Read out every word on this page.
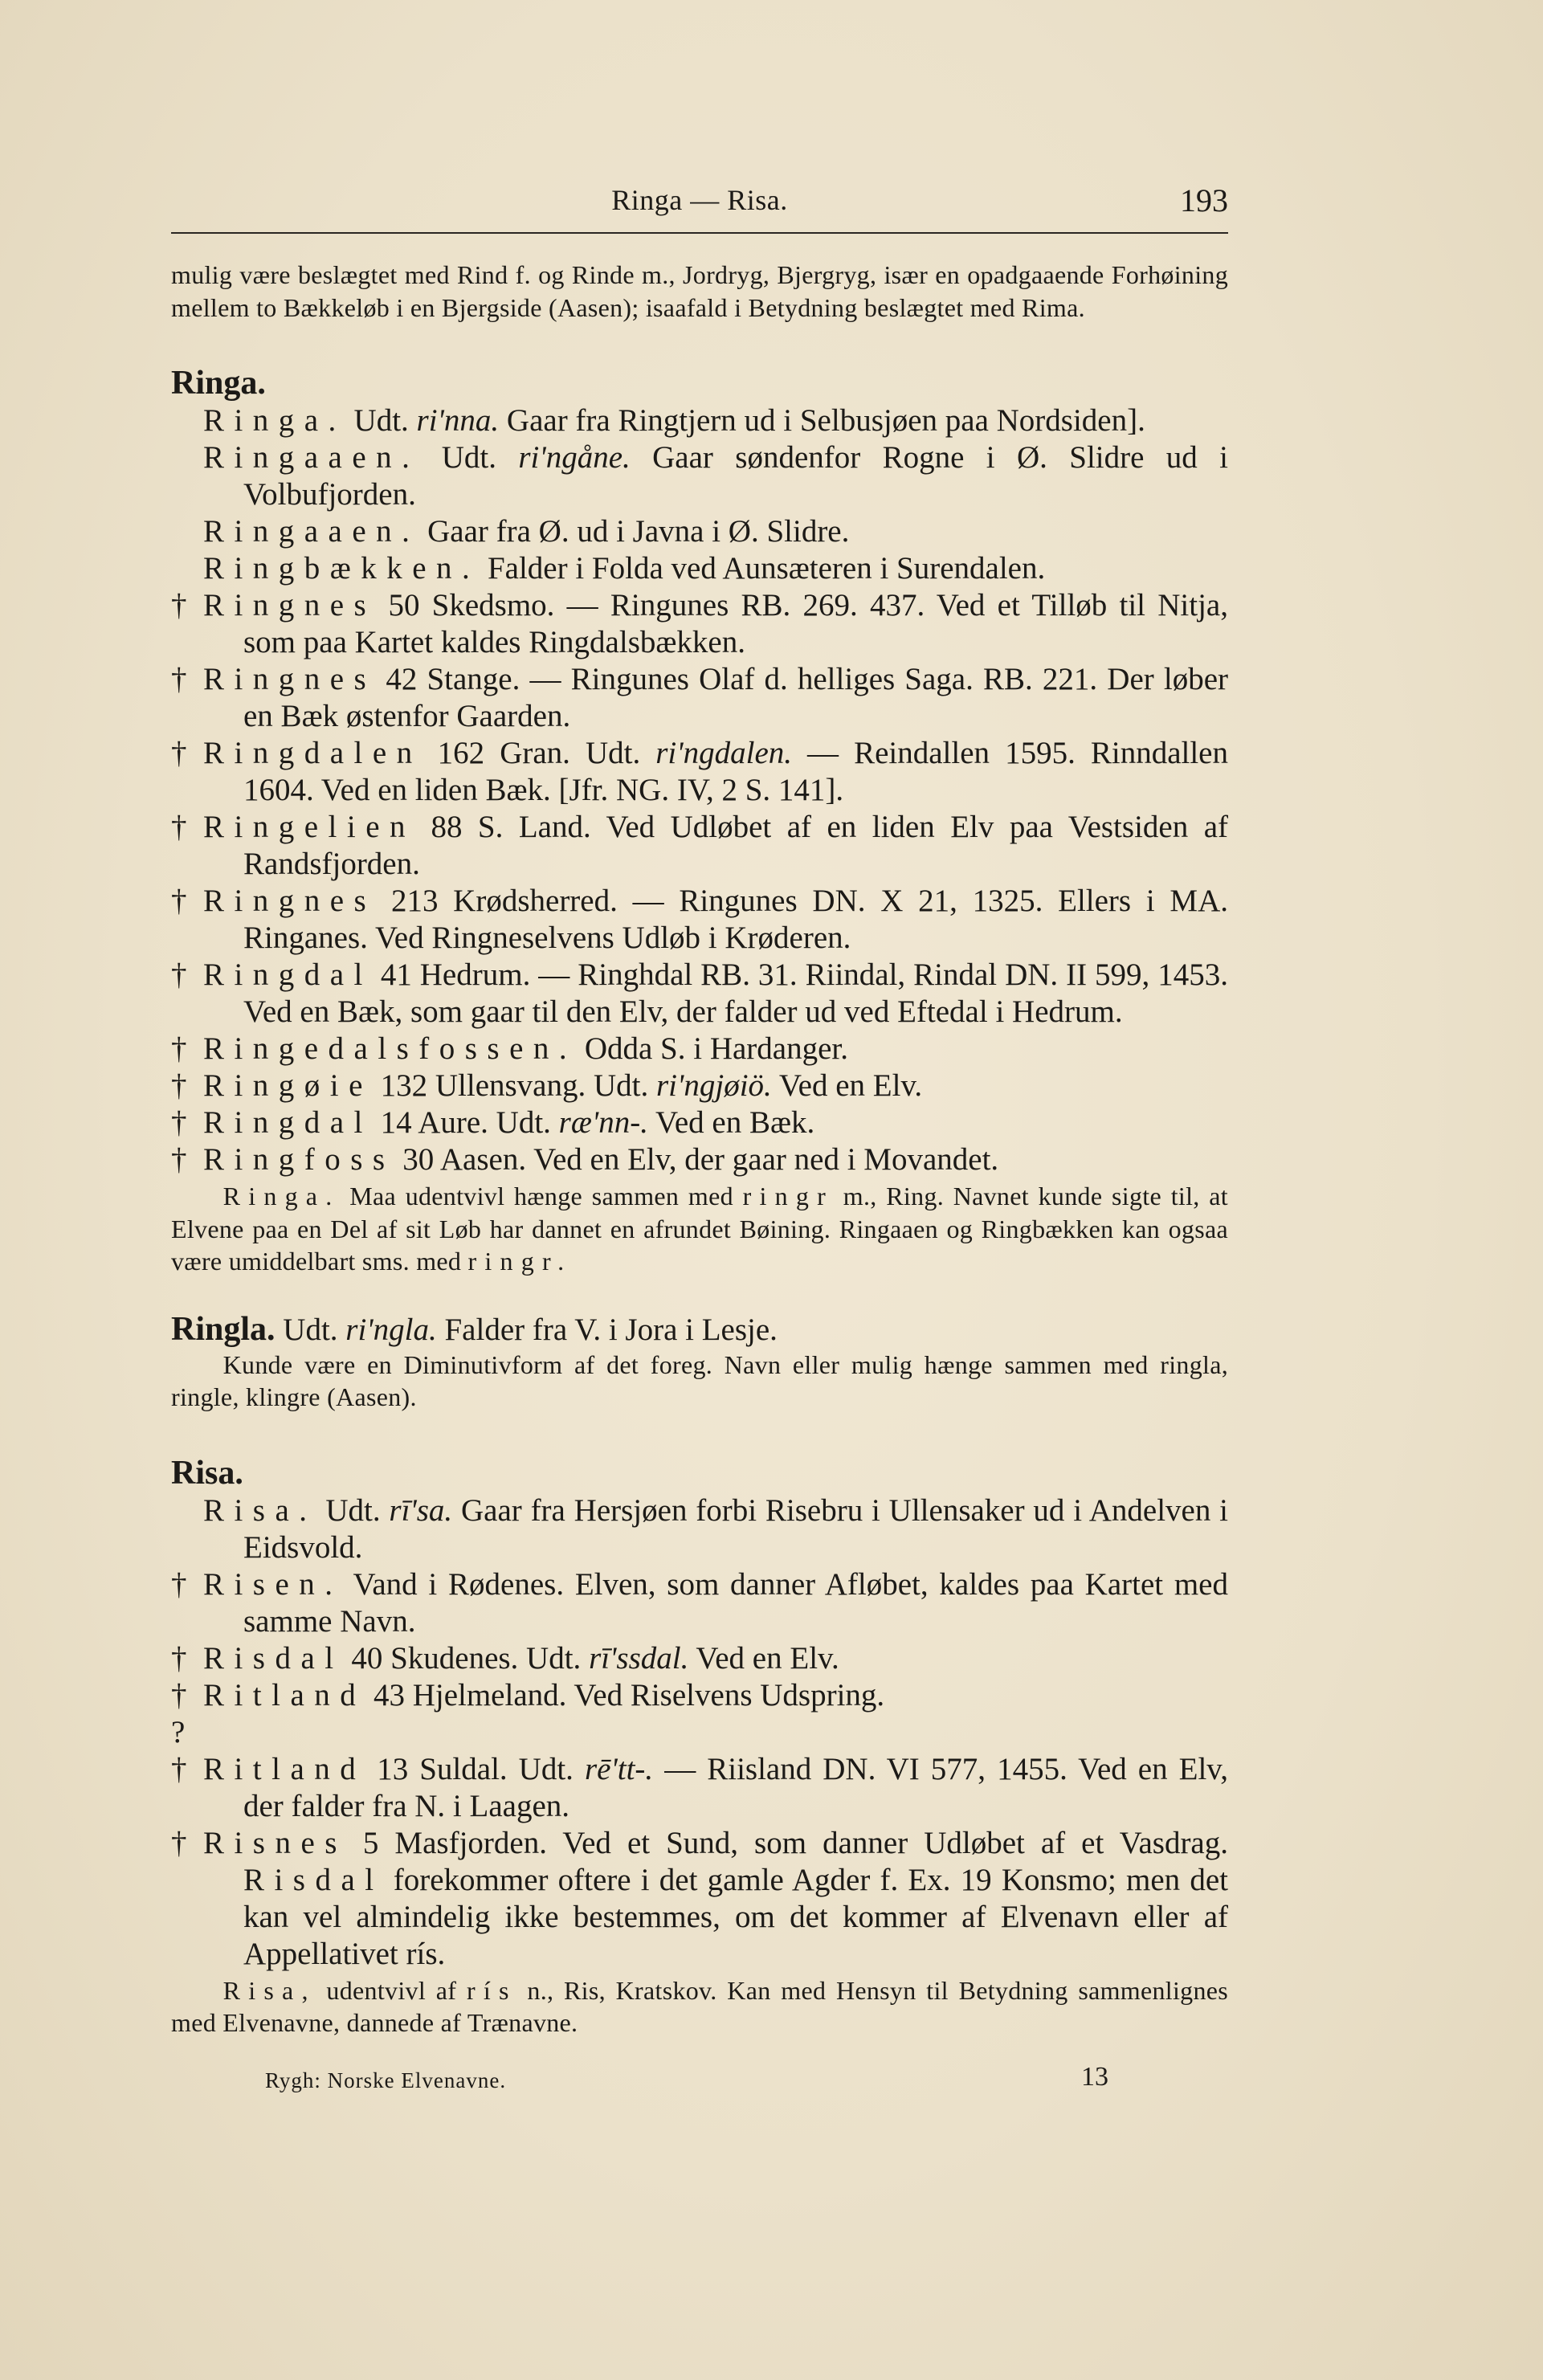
Ringa — Risa.	193
mulig være beslægtet med Rind f. og Rinde m., Jordryg, Bjergryg, især en opadgaaende Forhøining mellem to Bækkeløb i en Bjergside (Aasen); isaafald i Betydning beslægtet med Rima.
Ringa.
Ringa. Udt. ri'nna. Gaar fra Ringtjern ud i Selbusjøen paa Nordsiden].
Ringaaen. Udt. ri'ngåne. Gaar søndenfor Rogne i Ø. Slidre ud i Volbufjorden.
Ringaaen. Gaar fra Ø. ud i Javna i Ø. Slidre.
Ringbækken. Falder i Folda ved Aunsæteren i Surendalen.
† Ringnes 50 Skedsmo. — Ringunes RB. 269. 437. Ved et Tilløb til Nitja, som paa Kartet kaldes Ringdalsbækken.
† Ringnes 42 Stange. — Ringunes Olaf d. helliges Saga. RB. 221. Der løber en Bæk østenfor Gaarden.
† Ringdalen 162 Gran. Udt. ri'ngdalen. — Reindallen 1595. Rinndallen 1604. Ved en liden Bæk. [Jfr. NG. IV, 2 S. 141].
† Ringelien 88 S. Land. Ved Udløbet af en liden Elv paa Vestsiden af Randsfjorden.
† Ringnes 213 Krødsherred. — Ringunes DN. X 21, 1325. Ellers i MA. Ringanes. Ved Ringneselvens Udløb i Krøderen.
† Ringdal 41 Hedrum. — Ringhdal RB. 31. Riindal, Rindal DN. II 599, 1453. Ved en Bæk, som gaar til den Elv, der falder ud ved Eftedal i Hedrum.
† Ringedalsfossen. Odda S. i Hardanger.
† Ringøie 132 Ullensvang. Udt. ri'ngjøiö. Ved en Elv.
† Ringdal 14 Aure. Udt. ræ'nn-. Ved en Bæk.
† Ringfoss 30 Aasen. Ved en Elv, der gaar ned i Movandet.
  Ringa. Maa udentvivl hænge sammen med ringr m., Ring. Navnet kunde sigte til, at Elvene paa en Del af sit Løb har dannet en afrundet Bøining. Ringaaen og Ringbækken kan ogsaa være umiddelbart sms. med ringr.
Ringla. Udt. ri'ngla. Falder fra V. i Jora i Lesje.
  Kunde være en Diminutivform af det foreg. Navn eller mulig hænge sammen med ringla, ringle, klingre (Aasen).
Risa.
Risa. Udt. rī'sa. Gaar fra Hersjøen forbi Risebru i Ullensaker ud i Andelven i Eidsvold.
† Risen. Vand i Rødenes. Elven, som danner Afløbet, kaldes paa Kartet med samme Navn.
† Risdal 40 Skudenes. Udt. rī'ssdal. Ved en Elv.
† Ritland 43 Hjelmeland. Ved Riselvens Udspring.
? † Ritland 13 Suldal. Udt. rē'tt-. — Riisland DN. VI 577, 1455. Ved en Elv, der falder fra N. i Laagen.
† Risnes 5 Masfjorden. Ved et Sund, som danner Udløbet af et Vasdrag. Risdal forekommer oftere i det gamle Agder f. Ex. 19 Konsmo; men det kan vel almindelig ikke bestemmes, om det kommer af Elvenavn eller af Appellativet rís.
  Risa, udentvivl af rís n., Ris, Kratskov. Kan med Hensyn til Betydning sammenlignes med Elvenavne, dannede af Trænavne.
Rygh: Norske Elvenavne.	13
